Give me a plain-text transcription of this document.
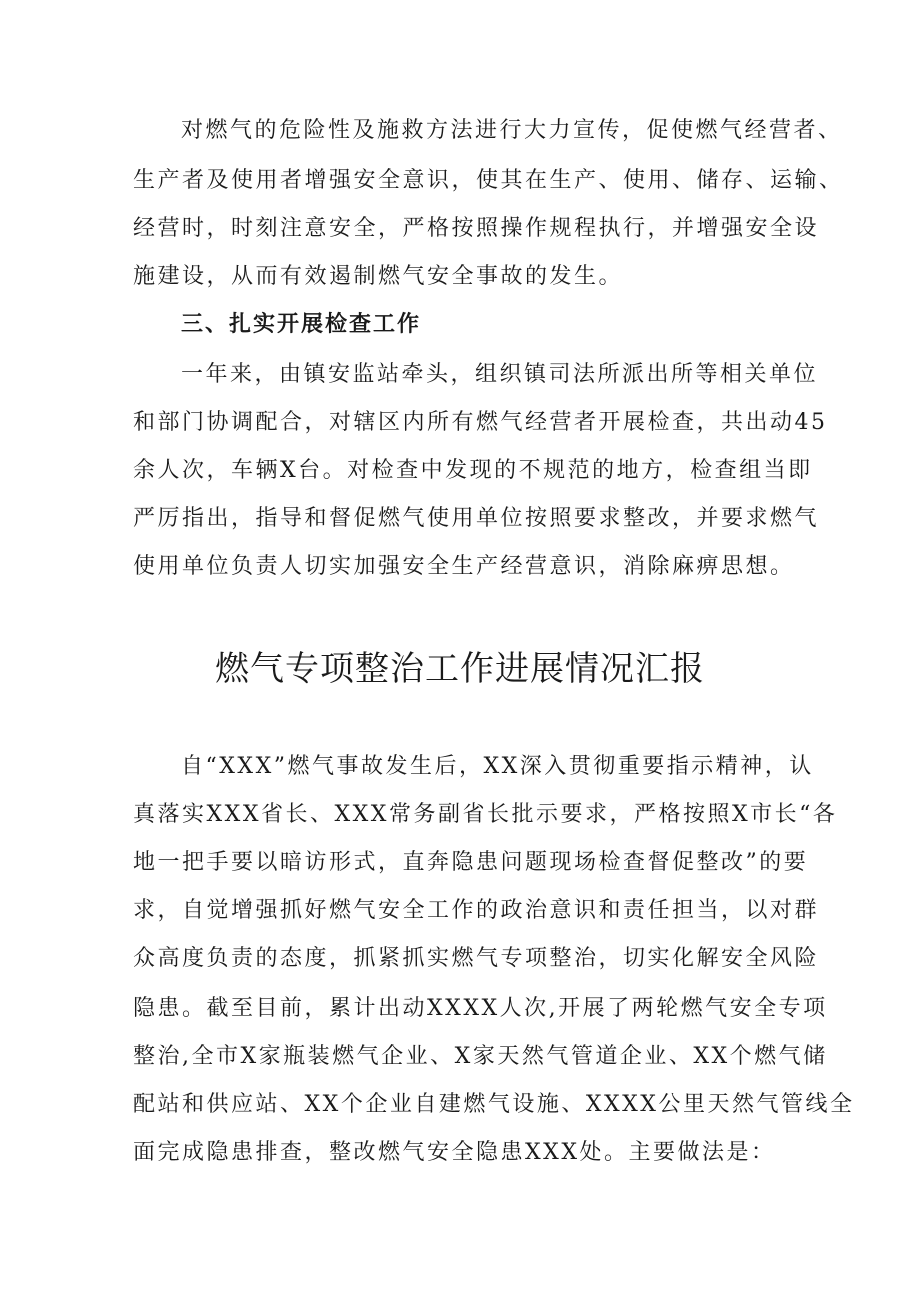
对燃气的危险性及施救方法进行大力宣传，促使燃气经营者、
生产者及使用者增强安全意识，使其在生产、使用、储存、运输、
经营时，时刻注意安全，严格按照操作规程执行，并增强安全设
施建设，从而有效遏制燃气安全事故的发生。
三、扎实开展检查工作
一年来，由镇安监站牵头，组织镇司法所派出所等相关单位
和部门协调配合，对辖区内所有燃气经营者开展检查，共出动45
余人次，车辆X台。对检查中发现的不规范的地方，检查组当即
严厉指出，指导和督促燃气使用单位按照要求整改，并要求燃气
使用单位负责人切实加强安全生产经营意识，消除麻痹思想。
燃气专项整治工作进展情况汇报
自“XXX”燃气事故发生后，XX深入贯彻重要指示精神，认
真落实XXX省长、XXX常务副省长批示要求，严格按照X市长“各
地一把手要以暗访形式，直奔隐患问题现场检查督促整改”的要
求，自觉增强抓好燃气安全工作的政治意识和责任担当，以对群
众高度负责的态度，抓紧抓实燃气专项整治，切实化解安全风险
隐患。截至目前，累计出动XXXX人次,开展了两轮燃气安全专项
整治,全市X家瓶装燃气企业、X家天然气管道企业、XX个燃气储
配站和供应站、XX个企业自建燃气设施、XXXX公里天然气管线全
面完成隐患排查，整改燃气安全隐患XXX处。主要做法是：
